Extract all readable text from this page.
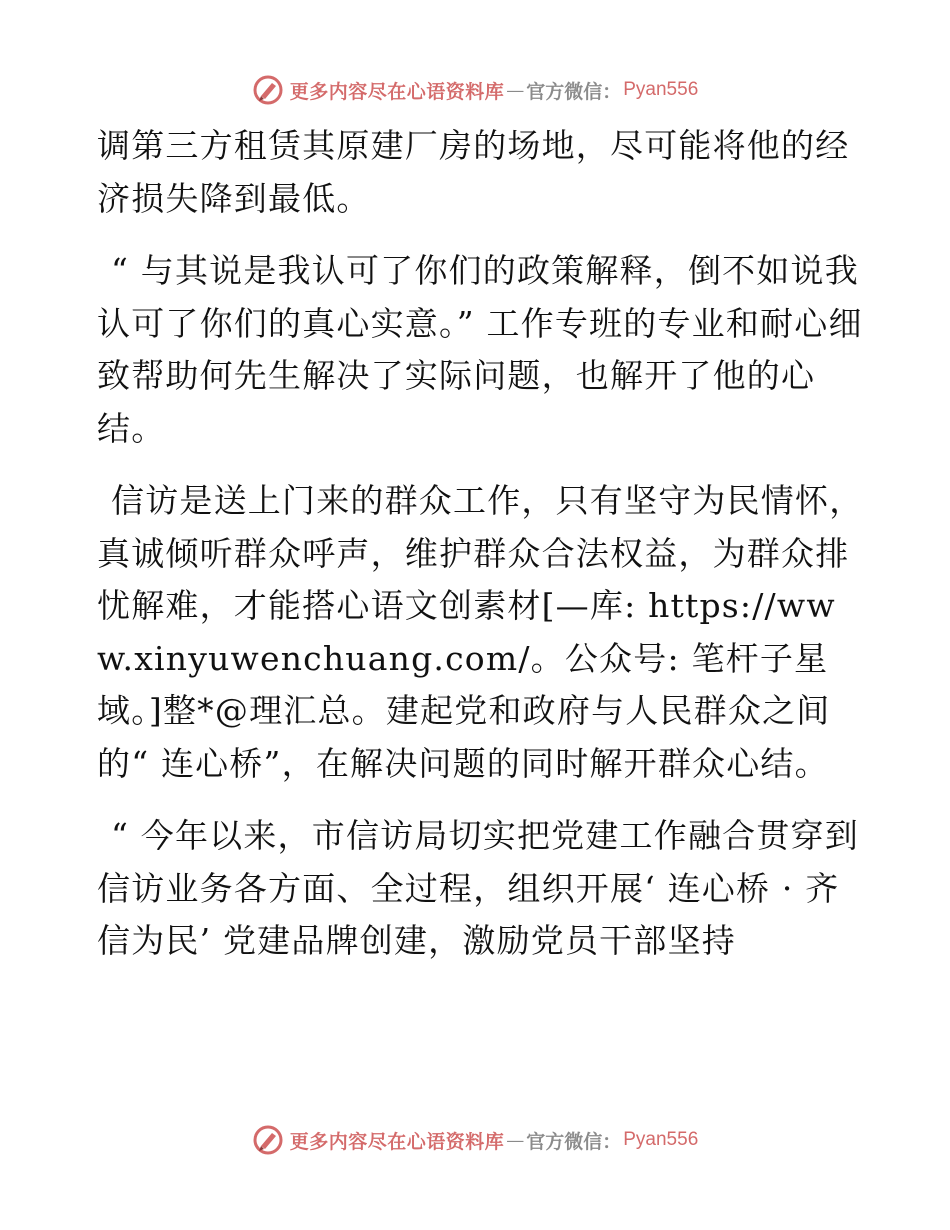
更多内容尽在心语资料库 — 官方微信： Pyan556

调第三方租赁其原建厂房的场地，尽可能将他的经济损失降到最低。

“ 与其说是我认可了你们的政策解释，倒不如说我认可了你们的真心实意。” 工作专班的专业和耐心细致帮助何先生解决了实际问题，也解开了他的心结。

信访是送上门来的群众工作，只有坚守为民情怀，真诚倾听群众呼声，维护群众合法权益，为群众排忧解难，才能搭心语文创素材[—库: https://www.xinyuwenchuang.com/。公众号: 笔杆子星域。]整*@理汇总。建起党和政府与人民群众之间的“ 连心桥”，在解决问题的同时解开群众心结。

“ 今年以来，市信访局切实把党建工作融合贯穿到信访业务各方面、全过程，组织开展‘ 连心桥 · 齐信为民’ 党建品牌创建，激励党员干部坚持

更多内容尽在心语资料库 — 官方微信： Pyan556
